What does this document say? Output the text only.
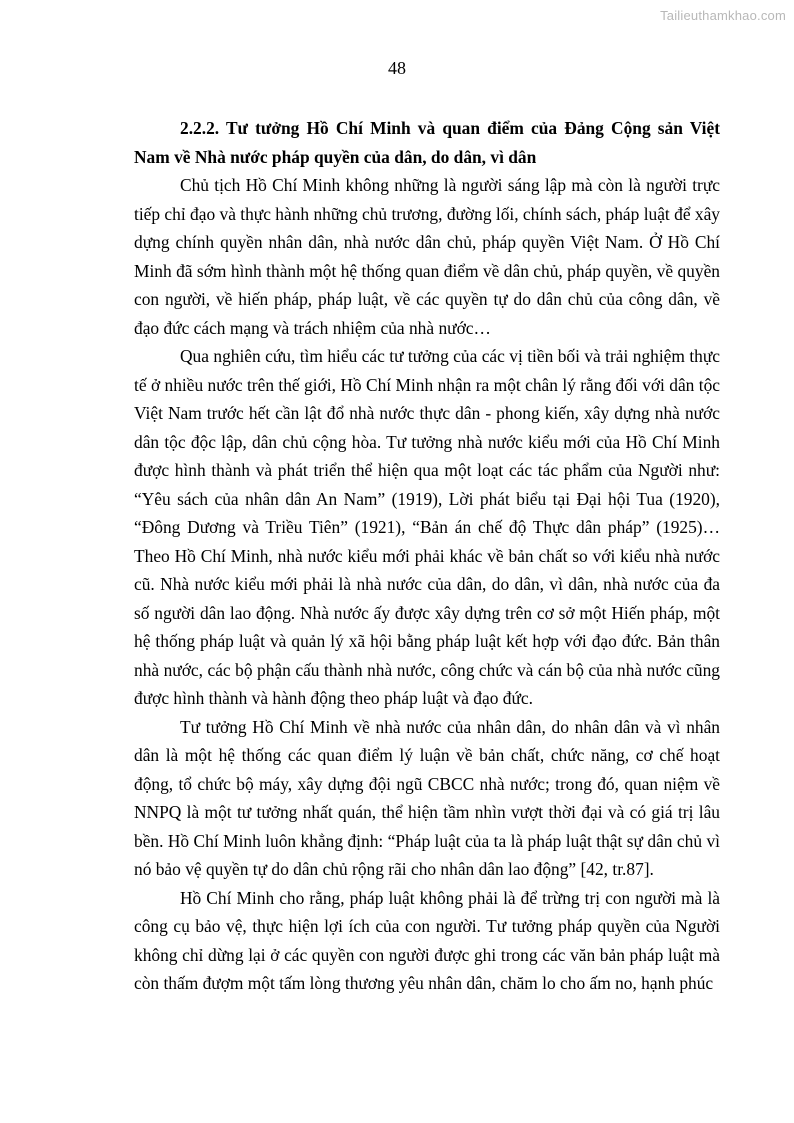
Tailieuthamkhao.com
48

2.2.2. Tư tưởng Hồ Chí Minh và quan điểm của Đảng Cộng sản Việt Nam về Nhà nước pháp quyền của dân, do dân, vì dân

Chủ tịch Hồ Chí Minh không những là người sáng lập mà còn là người trực tiếp chỉ đạo và thực hành những chủ trương, đường lối, chính sách, pháp luật để xây dựng chính quyền nhân dân, nhà nước dân chủ, pháp quyền Việt Nam. Ở Hồ Chí Minh đã sớm hình thành một hệ thống quan điểm về dân chủ, pháp quyền, về quyền con người, về hiến pháp, pháp luật, về các quyền tự do dân chủ của công dân, về đạo đức cách mạng và trách nhiệm của nhà nước…

Qua nghiên cứu, tìm hiểu các tư tưởng của các vị tiền bối và trải nghiệm thực tế ở nhiều nước trên thế giới, Hồ Chí Minh nhận ra một chân lý rằng đối với dân tộc Việt Nam trước hết cần lật đổ nhà nước thực dân - phong kiến, xây dựng nhà nước dân tộc độc lập, dân chủ cộng hòa. Tư tưởng nhà nước kiểu mới của Hồ Chí Minh được hình thành và phát triển thể hiện qua một loạt các tác phẩm của Người như: “Yêu sách của nhân dân An Nam” (1919), Lời phát biểu tại Đại hội Tua (1920), “Đông Dương và Triều Tiên” (1921), “Bản án chế độ Thực dân pháp” (1925)… Theo Hồ Chí Minh, nhà nước kiểu mới phải khác về bản chất so với kiểu nhà nước cũ. Nhà nước kiểu mới phải là nhà nước của dân, do dân, vì dân, nhà nước của đa số người dân lao động. Nhà nước ấy được xây dựng trên cơ sở một Hiến pháp, một hệ thống pháp luật và quản lý xã hội bằng pháp luật kết hợp với đạo đức. Bản thân nhà nước, các bộ phận cấu thành nhà nước, công chức và cán bộ của nhà nước cũng được hình thành và hành động theo pháp luật và đạo đức.

Tư tưởng Hồ Chí Minh về nhà nước của nhân dân, do nhân dân và vì nhân dân là một hệ thống các quan điểm lý luận về bản chất, chức năng, cơ chế hoạt động, tổ chức bộ máy, xây dựng đội ngũ CBCC nhà nước; trong đó, quan niệm về NNPQ là một tư tưởng nhất quán, thể hiện tầm nhìn vượt thời đại và có giá trị lâu bền. Hồ Chí Minh luôn khẳng định: “Pháp luật của ta là pháp luật thật sự dân chủ vì nó bảo vệ quyền tự do dân chủ rộng rãi cho nhân dân lao động” [42, tr.87].

Hồ Chí Minh cho rằng, pháp luật không phải là để trừng trị con người mà là công cụ bảo vệ, thực hiện lợi ích của con người. Tư tưởng pháp quyền của Người không chỉ dừng lại ở các quyền con người được ghi trong các văn bản pháp luật mà còn thấm đượm một tấm lòng thương yêu nhân dân, chăm lo cho ấm no, hạnh phúc
